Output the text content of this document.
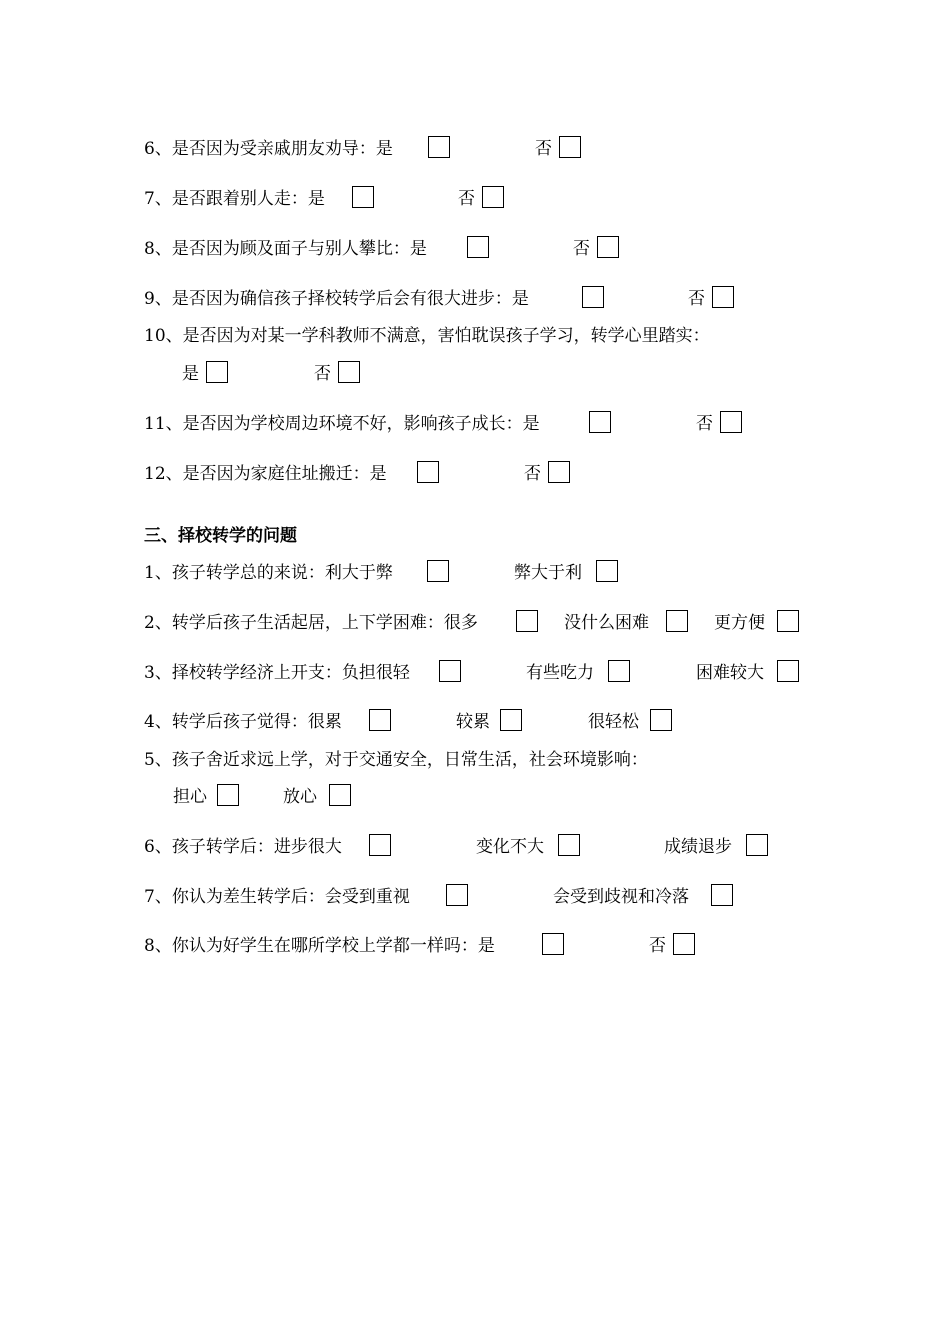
6、是否因为受亲戚朋友劝导：是	否
7、是否跟着别人走：是	否
8、是否因为顾及面子与别人攀比：是	否
9、是否因为确信孩子择校转学后会有很大进步：是	否
10、是否因为对某一学科教师不满意，害怕耽误孩子学习，转学心里踏实：
是	否
11、是否因为学校周边环境不好，影响孩子成长：是	否
12、是否因为家庭住址搬迁：是	否
三、择校转学的问题
1、孩子转学总的来说：利大于弊	弊大于利
2、转学后孩子生活起居，上下学困难：很多	没什么困难	更方便
3、择校转学经济上开支：负担很轻	有些吃力	困难较大
4、转学后孩子觉得：很累	较累	很轻松
5、孩子舍近求远上学，对于交通安全，日常生活，社会环境影响：
担心	放心
6、孩子转学后：进步很大	变化不大	成绩退步
7、你认为差生转学后：会受到重视	会受到歧视和冷落
8、你认为好学生在哪所学校上学都一样吗：是	否
